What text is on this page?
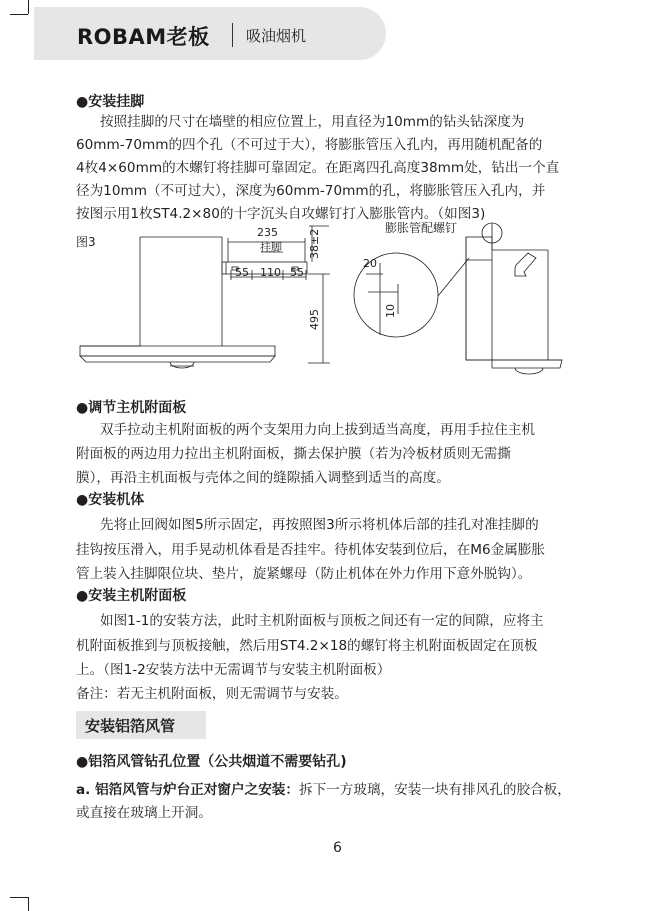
ROBAM老板 吸油烟机
●安装挂脚
按照挂脚的尺寸在墙壁的相应位置上，用直径为10mm的钻头钻深度为
60mm-70mm的四个孔（不可过于大），将膨胀管压入孔内，再用随机配备的
4枚4×60mm的木螺钉将挂脚可靠固定。在距离四孔高度38mm处，钻出一个直
径为10mm（不可过大），深度为60mm-70mm的孔，将膨胀管压入孔内，并
按图示用1枚ST4.2×80的十字沉头自攻螺钉打入膨胀管内。（如图3)
图3
膨胀管配螺钉
235
挂脚 38±2
55 110 55
495
20
10
●调节主机附面板
双手拉动主机附面板的两个支架用力向上拔到适当高度，再用手拉住主机
附面板的两边用力拉出主机附面板，撕去保护膜（若为冷板材质则无需撕
膜），再沿主机面板与壳体之间的缝隙插入调整到适当的高度。
●安装机体
先将止回阀如图5所示固定，再按照图3所示将机体后部的挂孔对准挂脚的
挂钩按压滑入，用手晃动机体看是否挂牢。待机体安装到位后，在M6金属膨胀
管上装入挂脚限位块、垫片，旋紧螺母（防止机体在外力作用下意外脱钩）。
●安装主机附面板
如图1-1的安装方法，此时主机附面板与顶板之间还有一定的间隙，应将主
机附面板推到与顶板接触，然后用ST4.2×18的螺钉将主机附面板固定在顶板
上。（图1-2安装方法中无需调节与安装主机附面板）
备注：若无主机附面板，则无需调节与安装。
安装铝箔风管
●铝箔风管钻孔位置（公共烟道不需要钻孔)
a. 铝箔风管与炉台正对窗户之安装：拆下一方玻璃，安装一块有排风孔的胶合板，
或直接在玻璃上开洞。
6
